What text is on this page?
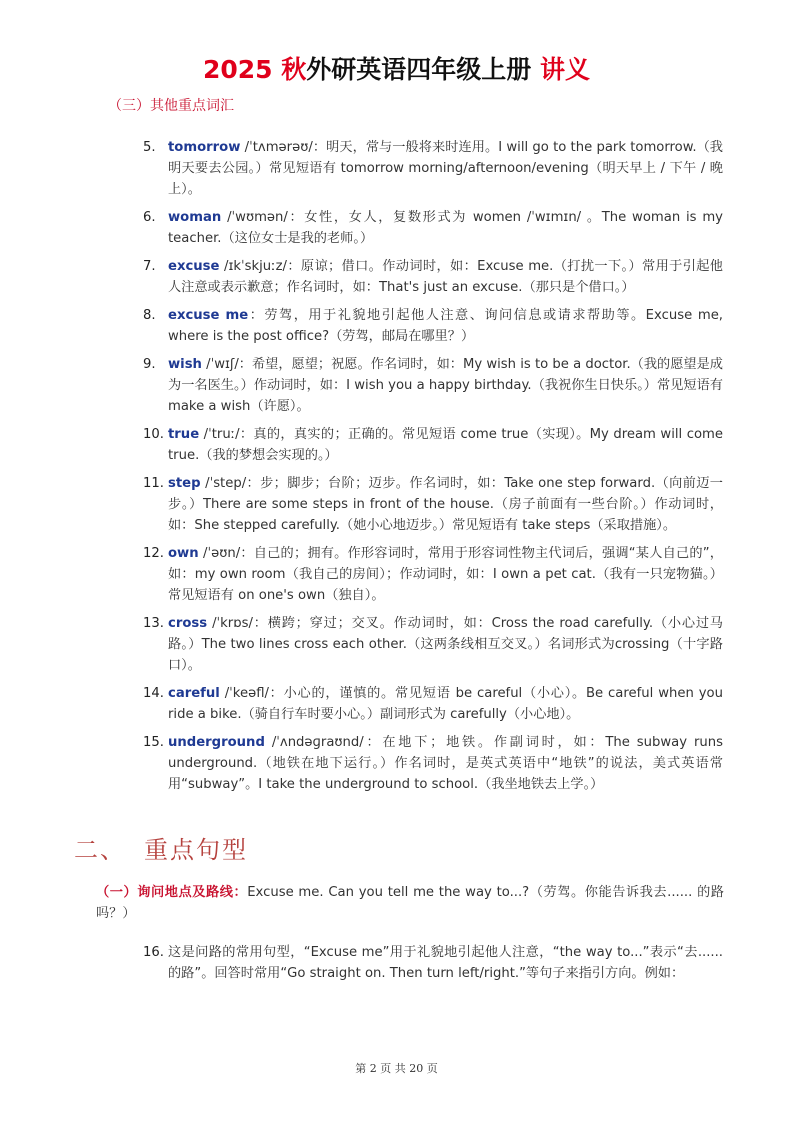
2025 秋外研英语四年级上册 讲义
（三）其他重点词汇
5. tomorrow /ˈtʌmərəʊ/：明天，常与一般将来时连用。I will go to the park tomorrow.（我明天要去公园。）常见短语有 tomorrow morning/afternoon/evening（明天早上 / 下午 / 晚上）。
6. woman /ˈwʊmən/：女性，女人，复数形式为 women /ˈwɪmɪn/ 。The woman is my teacher.（这位女士是我的老师。）
7. excuse /ɪkˈskjuːz/：原谅；借口。作动词时，如：Excuse me.（打扰一下。）常用于引起他人注意或表示歉意；作名词时，如：That's just an excuse.（那只是个借口。）
8. excuse me：劳驾，用于礼貌地引起他人注意、询问信息或请求帮助等。Excuse me, where is the post office?（劳驾，邮局在哪里？）
9. wish /ˈwɪʃ/：希望，愿望；祝愿。作名词时，如：My wish is to be a doctor.（我的愿望是成为一名医生。）作动词时，如：I wish you a happy birthday.（我祝你生日快乐。）常见短语有 make a wish（许愿）。
10. true /ˈtruː/：真的，真实的；正确的。常见短语 come true（实现）。My dream will come true.（我的梦想会实现的。）
11. step /ˈstep/：步；脚步；台阶；迈步。作名词时，如：Take one step forward.（向前迈一步。）There are some steps in front of the house.（房子前面有一些台阶。）作动词时，如：She stepped carefully.（她小心地迈步。）常见短语有 take steps（采取措施）。
12. own /ˈəʊn/：自己的；拥有。作形容词时，常用于形容词性物主代词后，强调“某人自己的”，如：my own room（我自己的房间）；作动词时，如：I own a pet cat.（我有一只宠物猫。）常见短语有 on one's own（独自）。
13. cross /ˈkrɒs/：横跨；穿过；交叉。作动词时，如：Cross the road carefully.（小心过马路。）The two lines cross each other.（这两条线相互交叉。）名词形式为crossing（十字路口）。
14. careful /ˈkeəfl/：小心的，谨慎的。常见短语 be careful（小心）。Be careful when you ride a bike.（骑自行车时要小心。）副词形式为 carefully（小心地）。
15. underground /ˈʌndəɡraʊnd/：在地下；地铁。作副词时，如：The subway runs underground.（地铁在地下运行。）作名词时，是英式英语中“地铁”的说法，美式英语常用“subway”。I take the underground to school.（我坐地铁去上学。）
二、 重点句型
（一）询问地点及路线：Excuse me. Can you tell me the way to...?（劳驾。你能告诉我去...... 的路吗？）
16. 这是问路的常用句型，“Excuse me”用于礼貌地引起他人注意，“the way to...”表示“去...... 的路”。回答时常用“Go straight on. Then turn left/right.”等句子来指引方向。例如：
第 2 页 共 20 页
